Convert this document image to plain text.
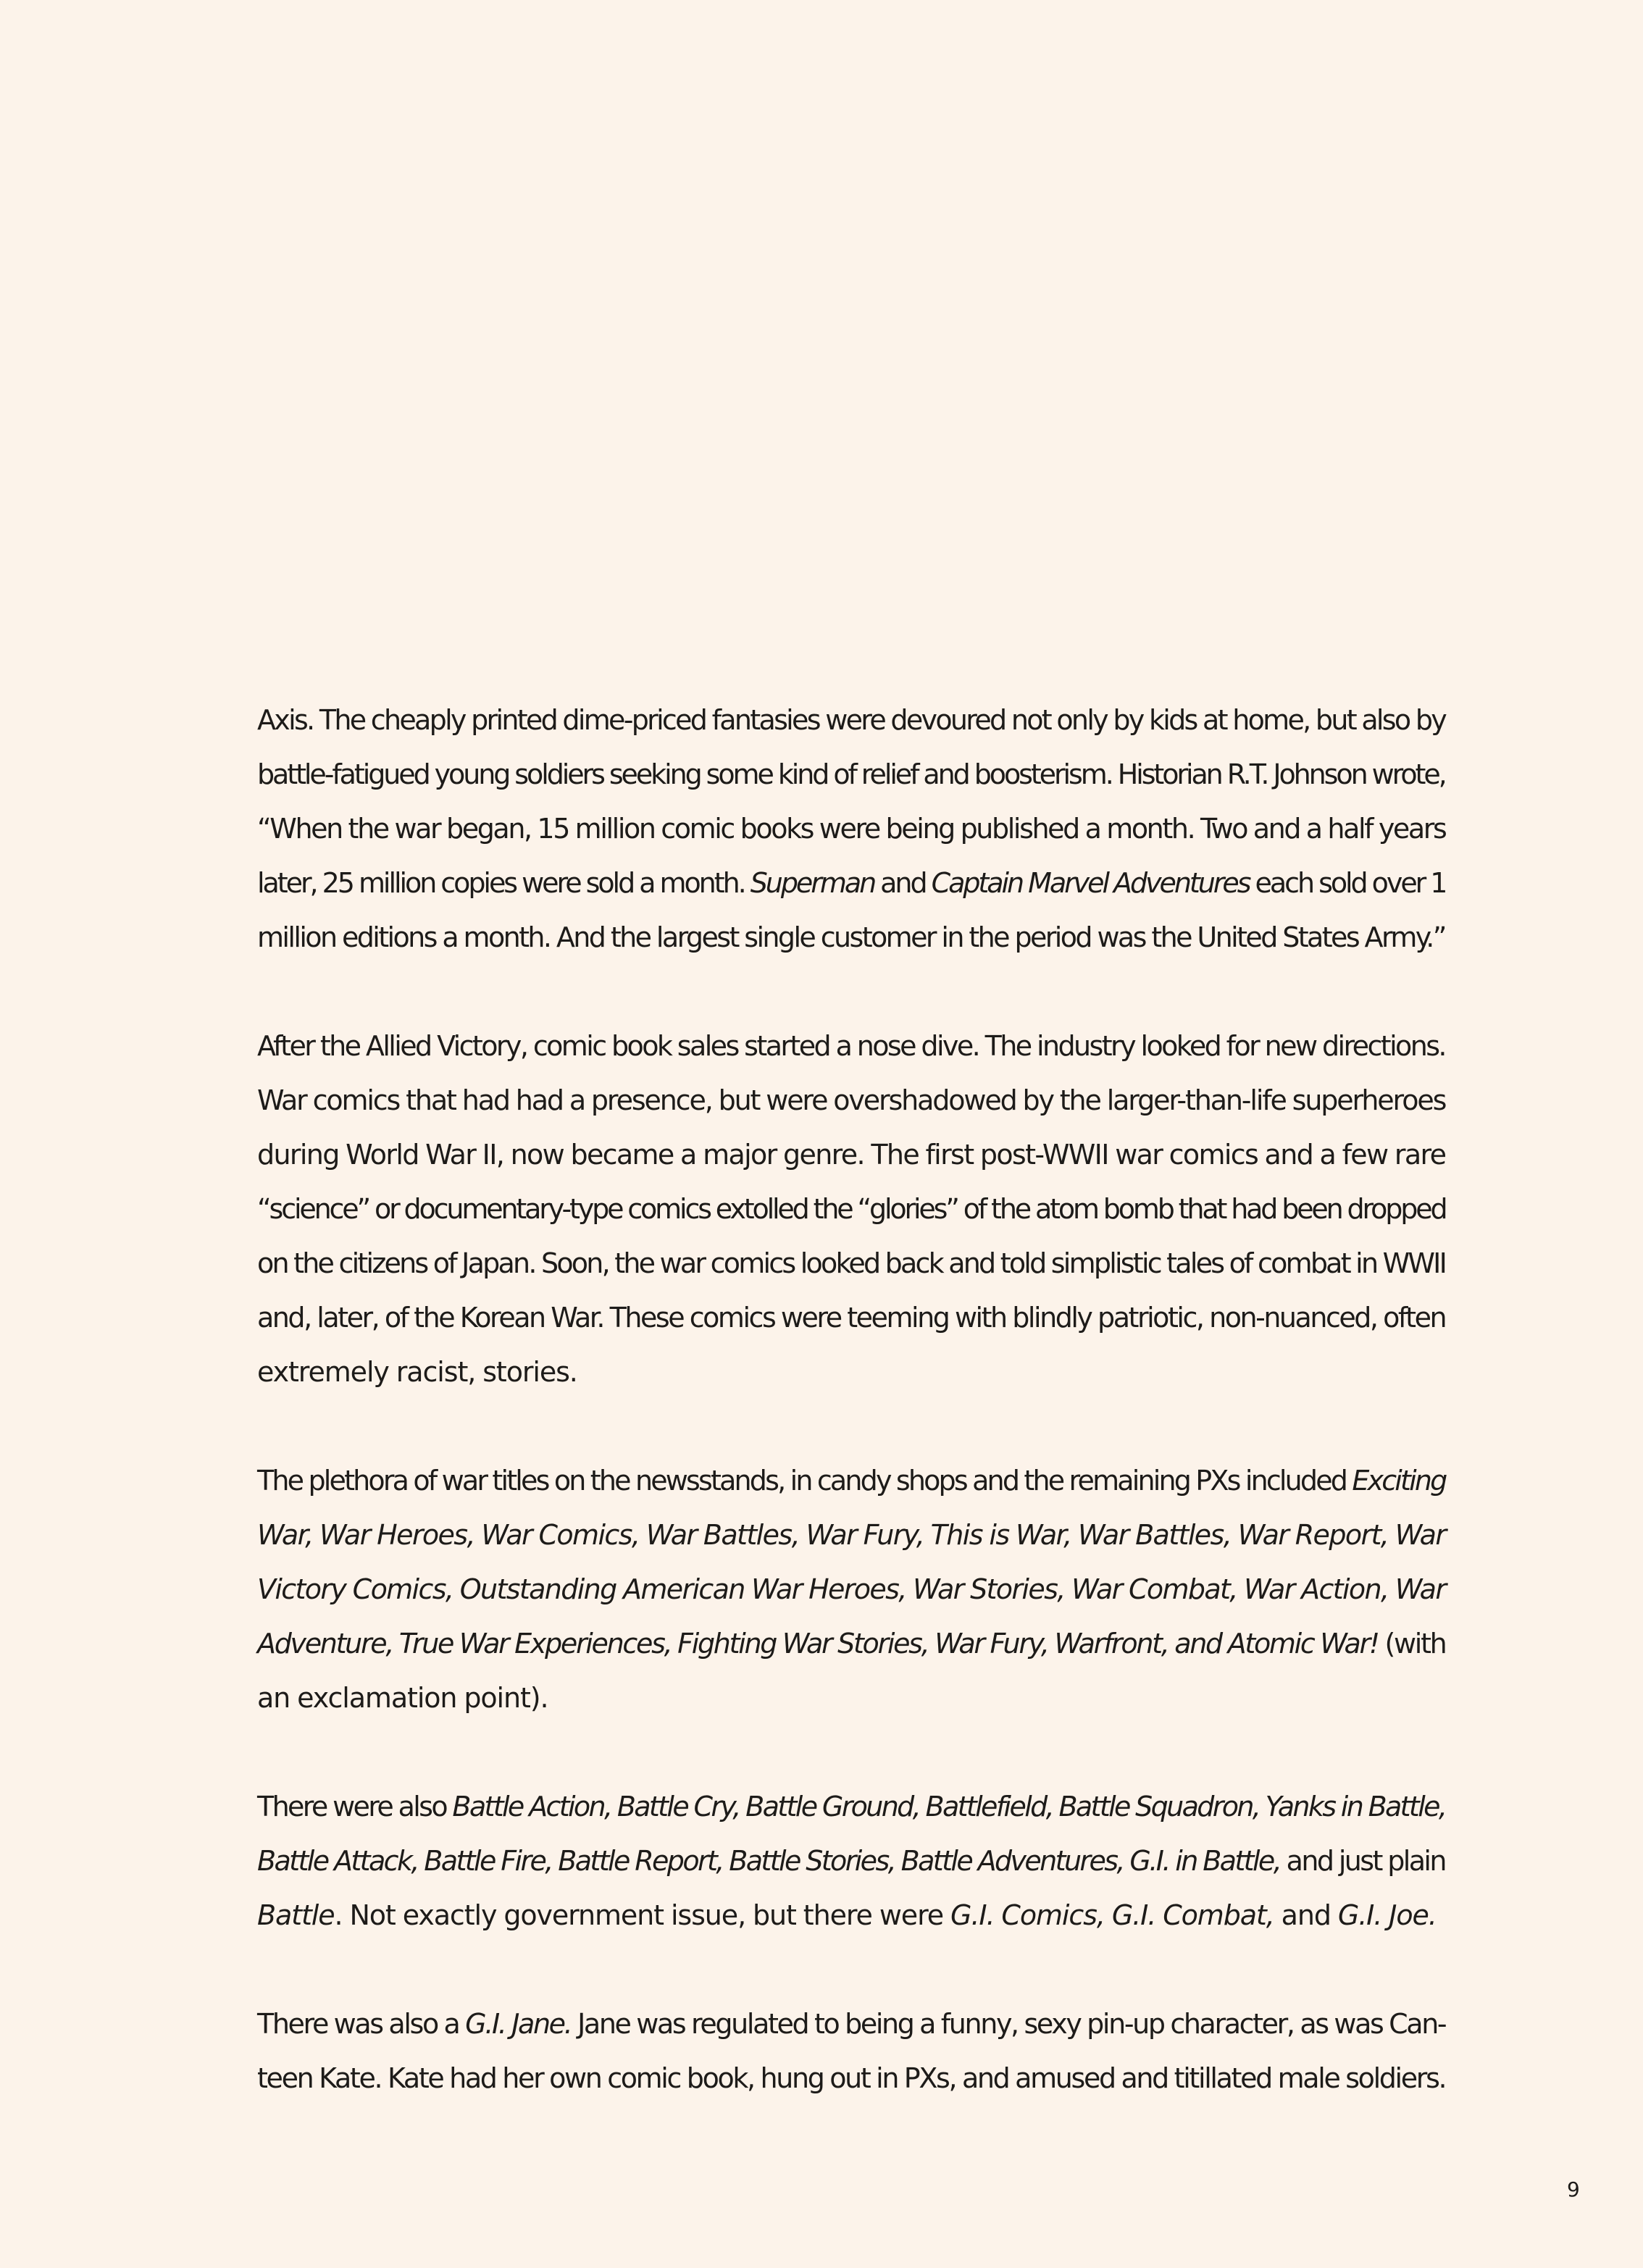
Axis. The cheaply printed dime-priced fantasies were devoured not only by kids at home, but also by
battle-fatigued young soldiers seeking some kind of relief and boosterism. Historian R.T. Johnson wrote,
“When the war began, 15 million comic books were being published a month. Two and a half years
later, 25 million copies were sold a month. Superman and Captain Marvel Adventures each sold over 1
million editions a month. And the largest single customer in the period was the United States Army.”

After the Allied Victory, comic book sales started a nose dive. The industry looked for new directions.
War comics that had had a presence, but were overshadowed by the larger-than-life superheroes
during World War II, now became a major genre. The first post-WWII war comics and a few rare
“science” or documentary-type comics extolled the “glories” of the atom bomb that had been dropped
on the citizens of Japan. Soon, the war comics looked back and told simplistic tales of combat in WWII
and, later, of the Korean War. These comics were teeming with blindly patriotic, non-nuanced, often
extremely racist, stories.

The plethora of war titles on the newsstands, in candy shops and the remaining PXs included Exciting
War, War Heroes, War Comics, War Battles, War Fury, This is War, War Battles, War Report, War
Victory Comics, Outstanding American War Heroes, War Stories, War Combat, War Action, War
Adventure, True War Experiences, Fighting War Stories, War Fury, Warfront, and Atomic War! (with
an exclamation point).

There were also Battle Action, Battle Cry, Battle Ground, Battlefield, Battle Squadron, Yanks in Battle,
Battle Attack, Battle Fire, Battle Report, Battle Stories, Battle Adventures, G.I. in Battle, and just plain
Battle. Not exactly government issue, but there were G.I. Comics, G.I. Combat, and G.I. Joe.

There was also a G.I. Jane. Jane was regulated to being a funny, sexy pin-up character, as was Can-
teen Kate. Kate had her own comic book, hung out in PXs, and amused and titillated male soldiers.

9
